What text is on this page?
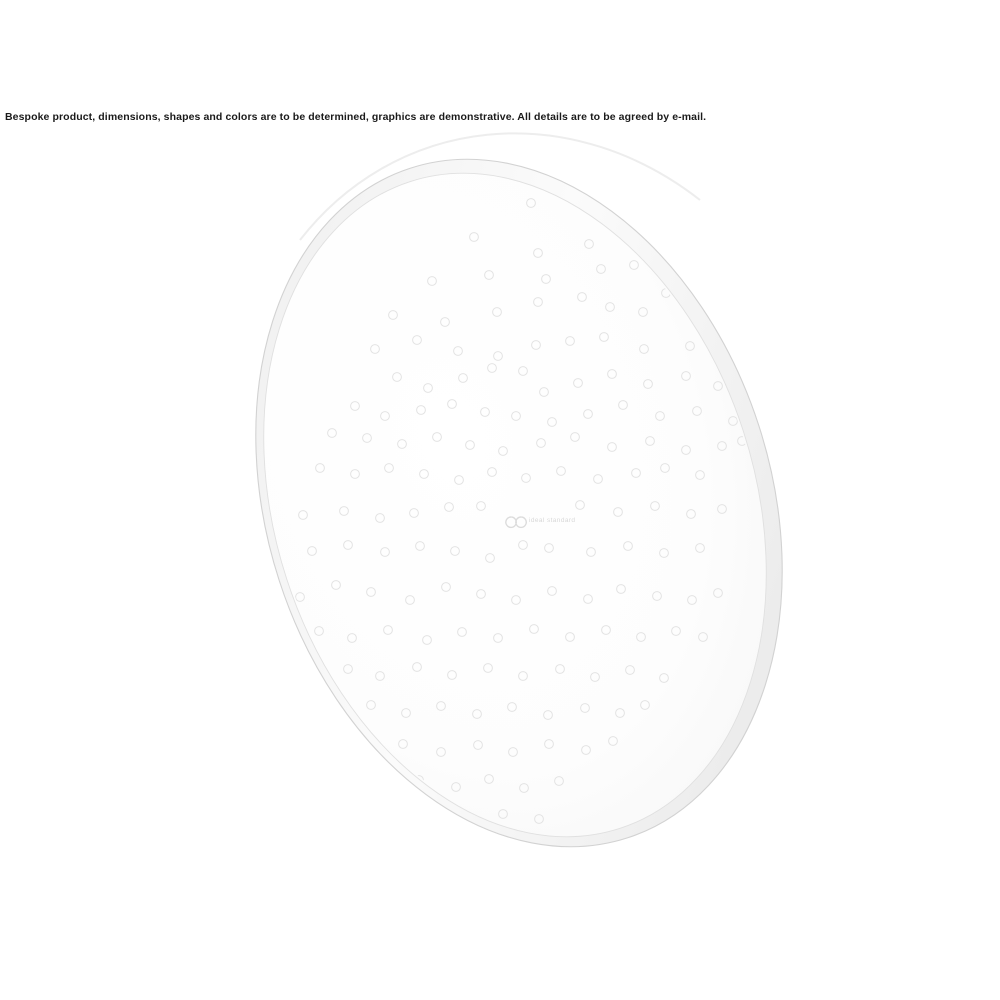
Bespoke product, dimensions, shapes and colors are to be determined, graphics are demonstrative. All details are to be agreed by e-mail.
ideal standard
